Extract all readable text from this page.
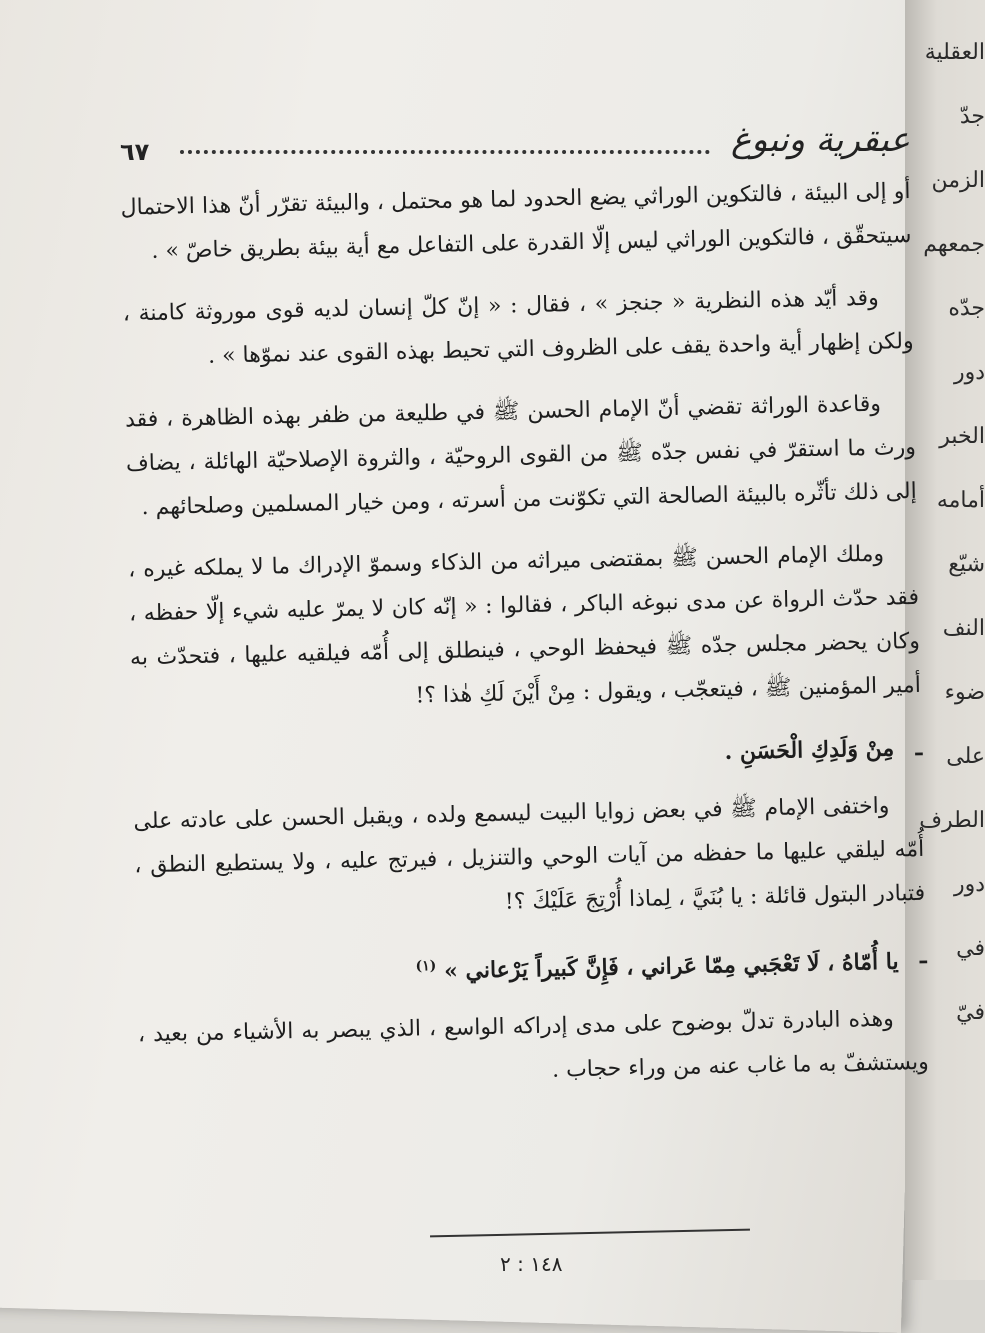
العقلية
جدّ
الزمن
جمعهم
جدّه
دور
الخبر
أمامه
شيّع
النف
ضوء
على
الطرف
دور
في
فيّ
عبقرية ونبوغ
٦٧

أو إلى البيئة ، فالتكوين الوراثي يضع الحدود لما هو محتمل ، والبيئة تقرّر أنّ هذا الاحتمال سيتحقّق ، فالتكوين الوراثي ليس إلّا القدرة على التفاعل مع أية بيئة بطريق خاصّ » .

وقد أيّد هذه النظرية « جنجز » ، فقال : « إنّ كلّ إنسان لديه قوى موروثة كامنة ، ولكن إظهار أية واحدة يقف على الظروف التي تحيط بهذه القوى عند نموّها » .

وقاعدة الوراثة تقضي أنّ الإمام الحسن ﷺ في طليعة من ظفر بهذه الظاهرة ، فقد ورث ما استقرّ في نفس جدّه ﷺ من القوى الروحيّة ، والثروة الإصلاحيّة الهائلة ، يضاف إلى ذلك تأثّره بالبيئة الصالحة التي تكوّنت من أسرته ، ومن خيار المسلمين وصلحائهم .

وملك الإمام الحسن ﷺ بمقتضى ميراثه من الذكاء وسموّ الإدراك ما لا يملكه غيره ، فقد حدّث الرواة عن مدى نبوغه الباكر ، فقالوا : « إنّه كان لا يمرّ عليه شيء إلّا حفظه ، وكان يحضر مجلس جدّه ﷺ فيحفظ الوحي ، فينطلق إلى أُمّه فيلقيه عليها ، فتحدّث به أمير المؤمنين ﷺ ، فيتعجّب ، ويقول : مِنْ أَيْنَ لَكِ هٰذا ؟!

ـ
مِنْ وَلَدِكِ الْحَسَنِ .

واختفى الإمام ﷺ في بعض زوايا البيت ليسمع ولده ، ويقبل الحسن على عادته على أُمّه ليلقي عليها ما حفظه من آيات الوحي والتنزيل ، فيرتج عليه ، ولا يستطيع النطق ، فتبادر البتول قائلة : يا بُنَيَّ ، لِماذا أُرْتِجَ عَلَيْكَ ؟!

ـ
يا أُمّاهُ ، لَا تَعْجَبي مِمّا عَراني ، فَإِنَّ كَبيراً يَرْعاني » $^{(١)}$

وهذه البادرة تدلّ بوضوح على مدى إدراكه الواسع ، الذي يبصر به الأشياء من بعيد ، ويستشفّ به ما غاب عنه من وراء حجاب .

١٤٨ : ٢
